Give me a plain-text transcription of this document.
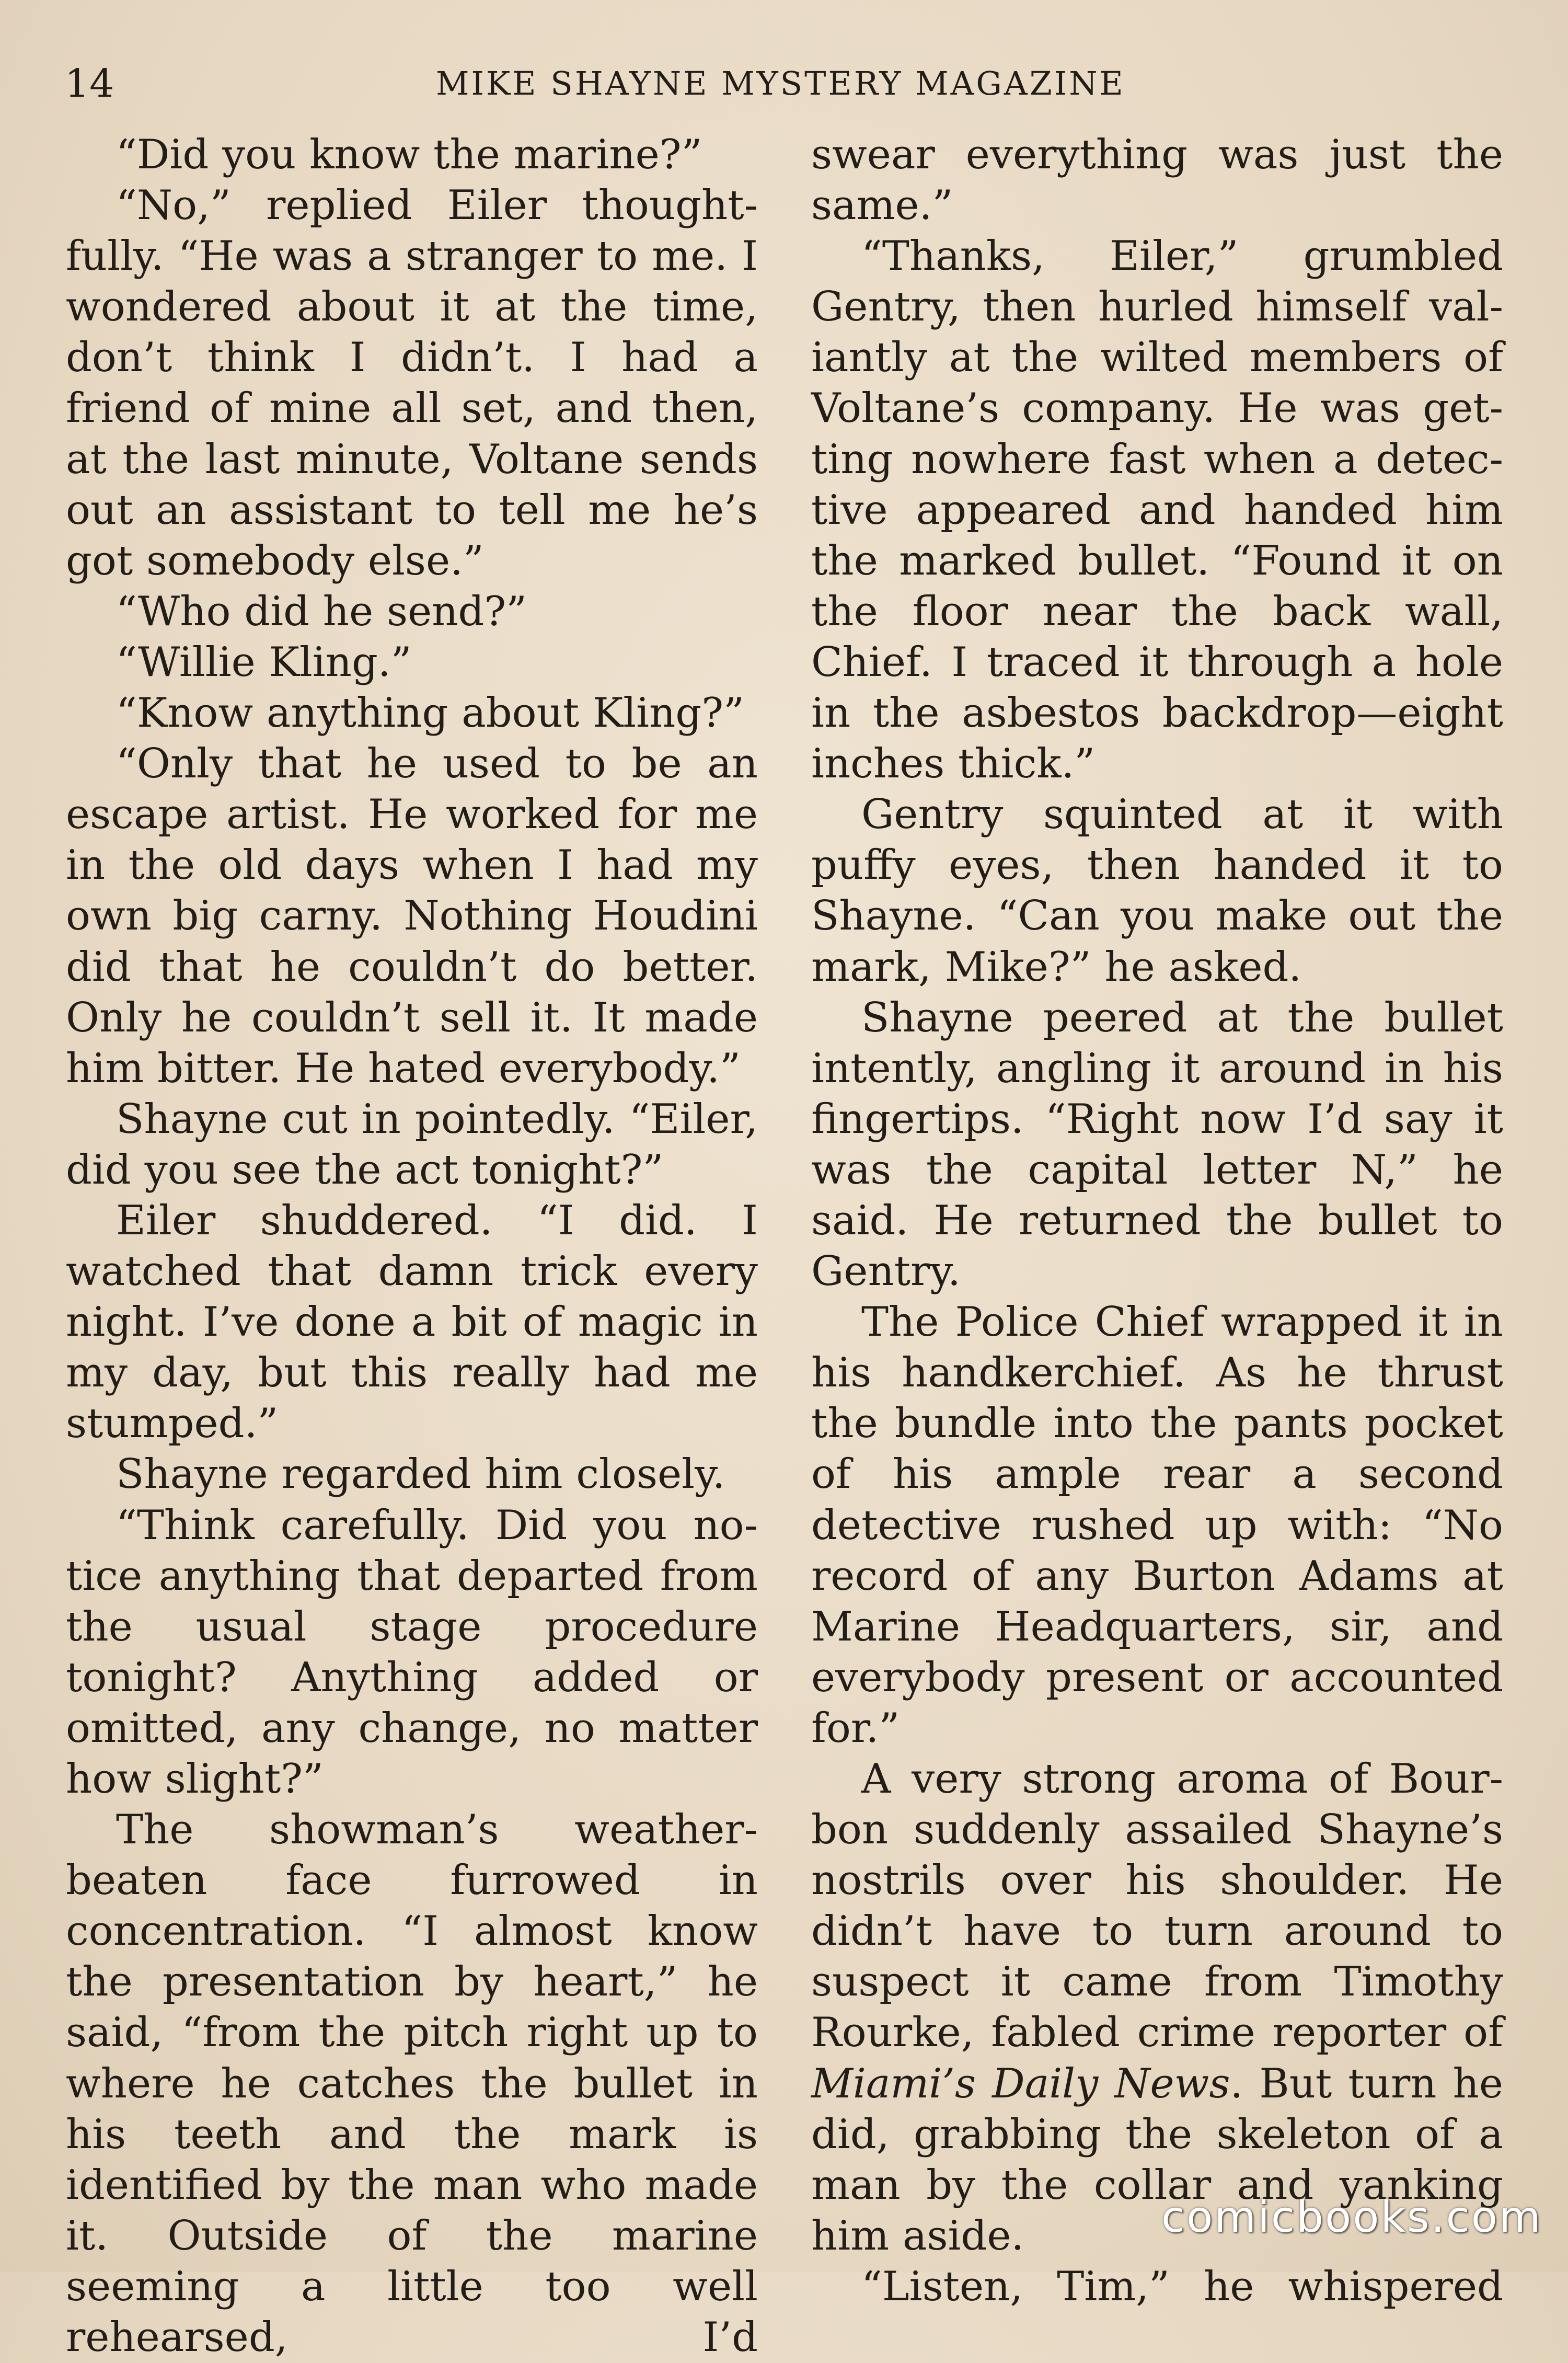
14	MIKE SHAYNE MYSTERY MAGAZINE

“Did you know the marine?”

“No,” replied Eiler thoughtfully. “He was a stranger to me. I wondered about it at the time, don’t think I didn’t. I had a friend of mine all set, and then, at the last minute, Voltane sends out an assistant to tell me he’s got somebody else.”

“Who did he send?”

“Willie Kling.”

“Know anything about Kling?”

“Only that he used to be an escape artist. He worked for me in the old days when I had my own big carny. Nothing Houdini did that he couldn’t do better. Only he couldn’t sell it. It made him bitter. He hated everybody.”

Shayne cut in pointedly. “Eiler, did you see the act tonight?”

Eiler shuddered. “I did. I watched that damn trick every night. I’ve done a bit of magic in my day, but this really had me stumped.”

Shayne regarded him closely.

“Think carefully. Did you notice anything that departed from the usual stage procedure tonight? Anything added or omitted, any change, no matter how slight?”

The showman’s weather-beaten face furrowed in concentration. “I almost know the presentation by heart,” he said, “from the pitch right up to where he catches the bullet in his teeth and the mark is identified by the man who made it. Outside of the marine seeming a little too well rehearsed, I’d

swear everything was just the same.”

“Thanks, Eiler,” grumbled Gentry, then hurled himself valiantly at the wilted members of Voltane’s company. He was getting nowhere fast when a detective appeared and handed him the marked bullet. “Found it on the floor near the back wall, Chief. I traced it through a hole in the asbestos backdrop—eight inches thick.”

Gentry squinted at it with puffy eyes, then handed it to Shayne. “Can you make out the mark, Mike?” he asked.

Shayne peered at the bullet intently, angling it around in his fingertips. “Right now I’d say it was the capital letter N,” he said. He returned the bullet to Gentry.

The Police Chief wrapped it in his handkerchief. As he thrust the bundle into the pants pocket of his ample rear a second detective rushed up with: “No record of any Burton Adams at Marine Headquarters, sir, and everybody present or accounted for.”

A very strong aroma of Bourbon suddenly assailed Shayne’s nostrils over his shoulder. He didn’t have to turn around to suspect it came from Timothy Rourke, fabled crime reporter of Miami’s Daily News. But turn he did, grabbing the skeleton of a man by the collar and yanking him aside.

“Listen, Tim,” he whispered

comicbooks.com
